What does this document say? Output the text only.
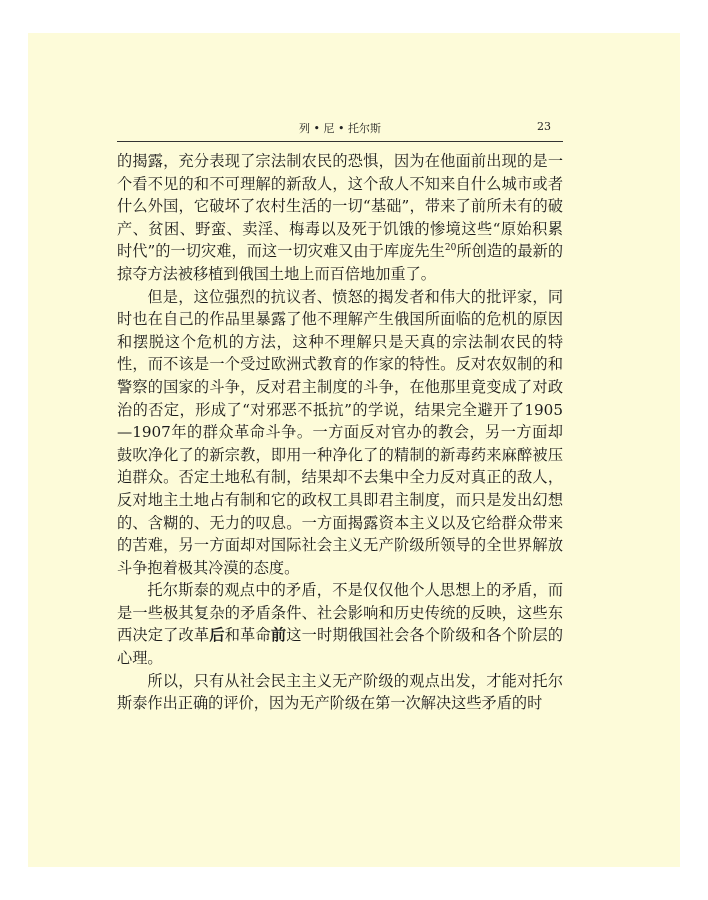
列 • 尼 • 托尔斯	23

的揭露，充分表现了宗法制农民的恐惧，因为在他面前出现的是一个看不见的和不可理解的新敌人，这个敌人不知来自什么城市或者什么外国，它破坏了农村生活的一切“基础”，带来了前所未有的破产、贫困、野蛮、卖淫、梅毒以及死于饥饿的惨境这些“原始积累时代”的一切灾难，而这一切灾难又由于库庞先生$^{20}$所创造的最新的掠夺方法被移植到俄国土地上而百倍地加重了。

但是，这位强烈的抗议者、愤怒的揭发者和伟大的批评家，同时也在自己的作品里暴露了他不理解产生俄国所面临的危机的原因和摆脱这个危机的方法，这种不理解只是天真的宗法制农民的特性，而不该是一个受过欧洲式教育的作家的特性。反对农奴制的和警察的国家的斗争，反对君主制度的斗争，在他那里竟变成了对政治的否定，形成了“对邪恶不抵抗”的学说，结果完全避开了1905—1907年的群众革命斗争。一方面反对官办的教会，另一方面却鼓吹净化了的新宗教，即用一种净化了的精制的新毒药来麻醉被压迫群众。否定土地私有制，结果却不去集中全力反对真正的敌人，反对地主土地占有制和它的政权工具即君主制度，而只是发出幻想的、含糊的、无力的叹息。一方面揭露资本主义以及它给群众带来的苦难，另一方面却对国际社会主义无产阶级所领导的全世界解放斗争抱着极其冷漠的态度。

托尔斯泰的观点中的矛盾，不是仅仅他个人思想上的矛盾，而是一些极其复杂的矛盾条件、社会影响和历史传统的反映，这些东西决定了改革后和革命前这一时期俄国社会各个阶级和各个阶层的心理。

所以，只有从社会民主主义无产阶级的观点出发，才能对托尔斯泰作出正确的评价，因为无产阶级在第一次解决这些矛盾的时
